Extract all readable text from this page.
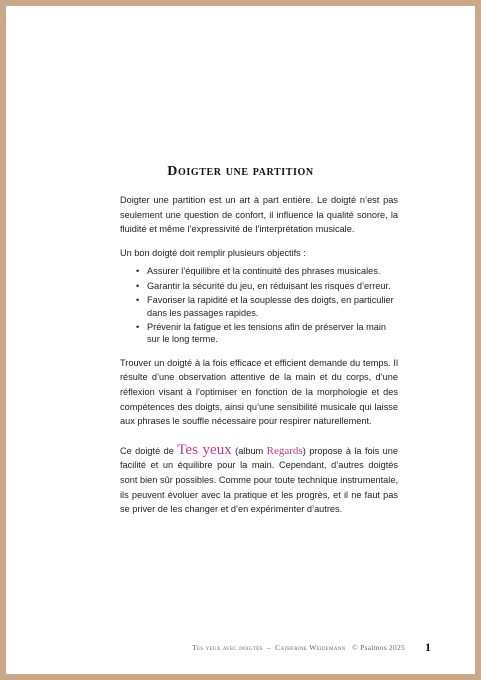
Doigter une partition

Doigter une partition est un art à part entière. Le doigté n’est pas seulement une question de confort, il influence la qualité sonore, la fluidité et même l’expressivité de l’interprétation musicale.

Un bon doigté doit remplir plusieurs objectifs :

• Assurer l’équilibre et la continuité des phrases musicales.
• Garantir la sécurité du jeu, en réduisant les risques d’erreur.
• Favoriser la rapidité et la souplesse des doigts, en particulier dans les passages rapides.
• Prévenir la fatigue et les tensions afin de préserver la main sur le long terme.

Trouver un doigté à la fois efficace et efficient demande du temps. Il résulte d’une observation attentive de la main et du corps, d’une réflexion visant à l’optimiser en fonction de la morphologie et des compétences des doigts, ainsi qu’une sensibilité musicale qui laisse aux phrases le souffle nécessaire pour respirer naturellement.

Ce doigté de Tes yeux (album Regards) propose à la fois une facilité et un équilibre pour la main. Cependant, d’autres doigtés sont bien sûr possibles. Comme pour toute technique instrumentale, ils peuvent évoluer avec la pratique et les progrès, et il ne faut pas se priver de les changer et d’en expérimenter d’autres.

Tes yeux avec doigtés – Catherine Weidemann © Psalmos 2025 1
